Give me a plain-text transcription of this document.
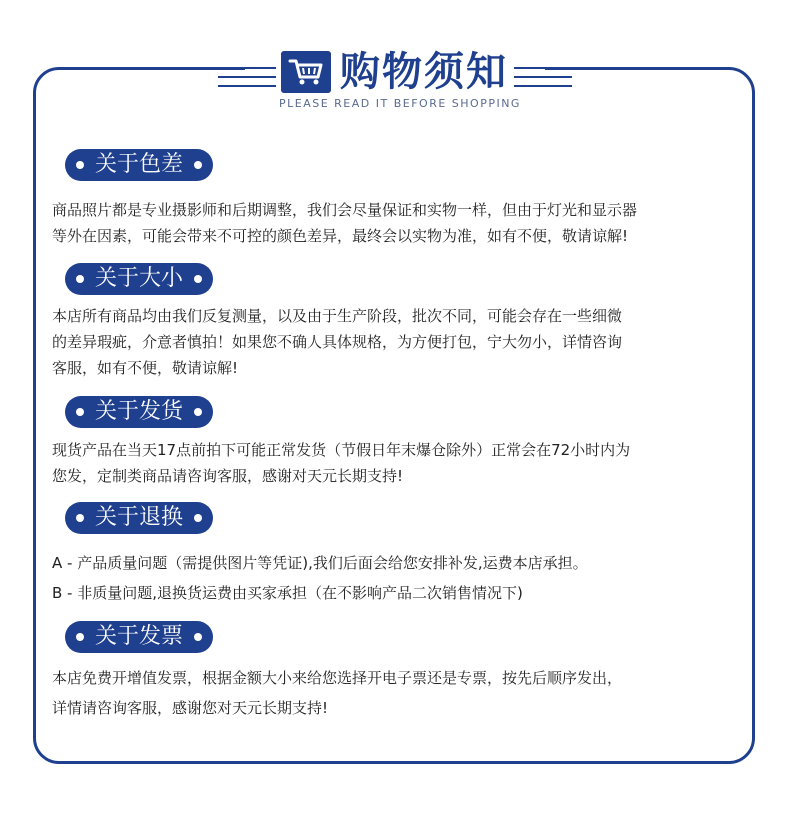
购物须知
PLEASE READ IT BEFORE SHOPPING
关于色差
商品照片都是专业摄影师和后期调整，我们会尽量保证和实物一样，但由于灯光和显示器
等外在因素，可能会带来不可控的颜色差异，最终会以实物为准，如有不便，敬请谅解!
关于大小
本店所有商品均由我们反复测量，以及由于生产阶段，批次不同，可能会存在一些细微
的差异瑕疵，介意者慎拍！如果您不确人具体规格，为方便打包，宁大勿小，详情咨询
客服，如有不便，敬请谅解!
关于发货
现货产品在当天17点前拍下可能正常发货（节假日年末爆仓除外）正常会在72小时内为
您发，定制类商品请咨询客服，感谢对天元长期支持!
关于退换
A - 产品质量问题（需提供图片等凭证),我们后面会给您安排补发,运费本店承担。
B - 非质量问题,退换货运费由买家承担（在不影响产品二次销售情况下)
关于发票
本店免费开增值发票，根据金额大小来给您选择开电子票还是专票，按先后顺序发出，
详情请咨询客服，感谢您对天元长期支持!
